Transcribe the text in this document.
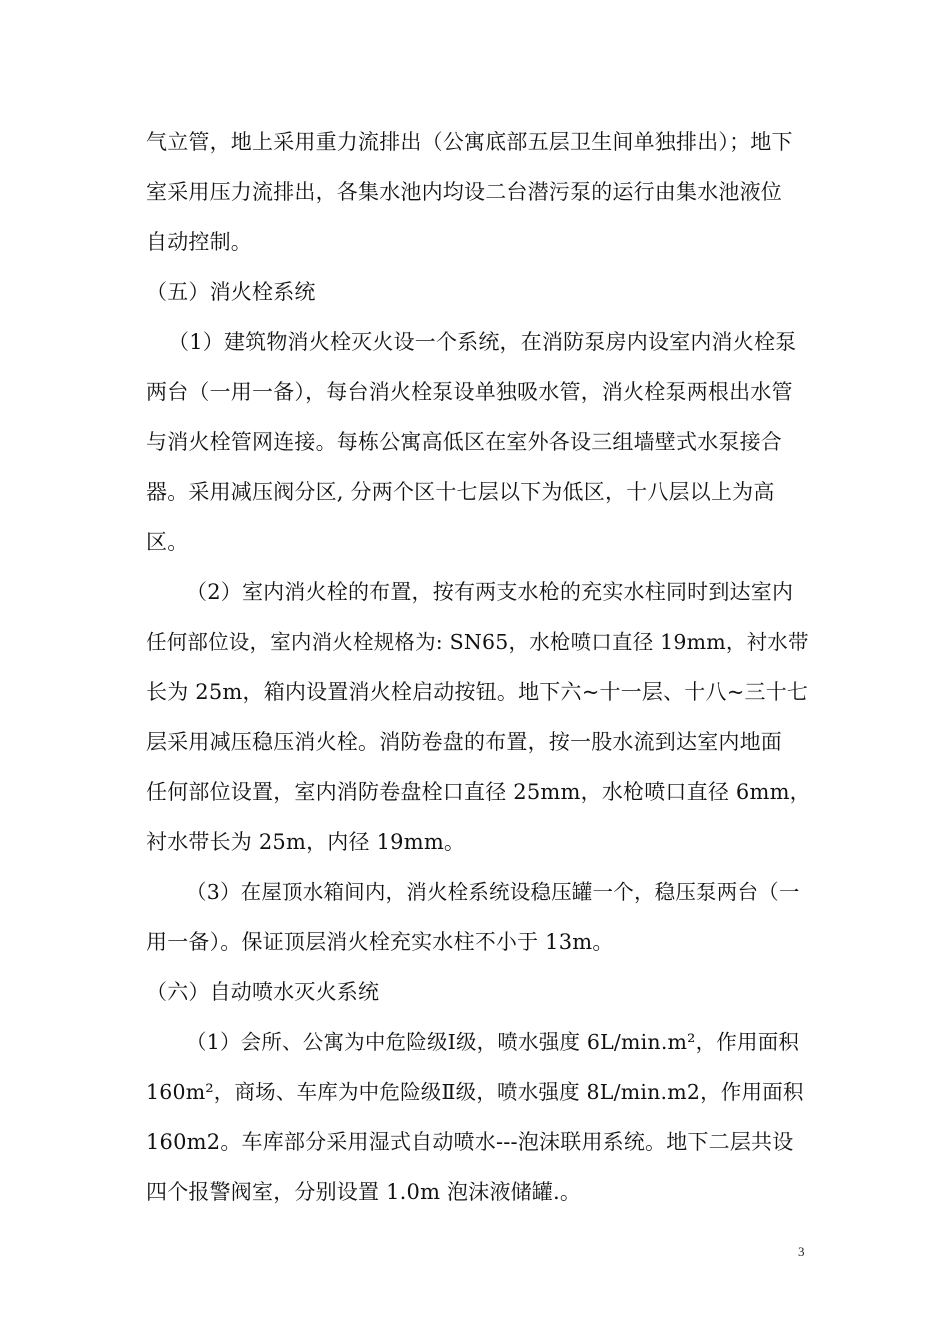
气立管，地上采用重力流排出（公寓底部五层卫生间单独排出）；地下
室采用压力流排出，各集水池内均设二台潜污泵的运行由集水池液位
自动控制。
（五）消火栓系统
（1）建筑物消火栓灭火设一个系统，在消防泵房内设室内消火栓泵
两台（一用一备），每台消火栓泵设单独吸水管，消火栓泵两根出水管
与消火栓管网连接。每栋公寓高低区在室外各设三组墙壁式水泵接合
器。采用减压阀分区, 分两个区十七层以下为低区，十八层以上为高
区。
（2）室内消火栓的布置，按有两支水枪的充实水柱同时到达室内
任何部位设，室内消火栓规格为: SN65，水枪喷口直径 19mm，衬水带
长为 25m，箱内设置消火栓启动按钮。地下六~十一层、十八~三十七
层采用减压稳压消火栓。消防卷盘的布置，按一股水流到达室内地面
任何部位设置，室内消防卷盘栓口直径 25mm，水枪喷口直径 6mm，
衬水带长为 25m，内径 19mm。
（3）在屋顶水箱间内，消火栓系统设稳压罐一个，稳压泵两台（一
用一备）。保证顶层消火栓充实水柱不小于 13m。
（六）自动喷水灭火系统
（1）会所、公寓为中危险级Ⅰ级，喷水强度 6L/min.m²，作用面积
160m²，商场、车库为中危险级Ⅱ级，喷水强度 8L/min.m2，作用面积
160m2。车库部分采用湿式自动喷水---泡沫联用系统。地下二层共设
四个报警阀室，分别设置 1.0m 泡沫液储罐.。
3
